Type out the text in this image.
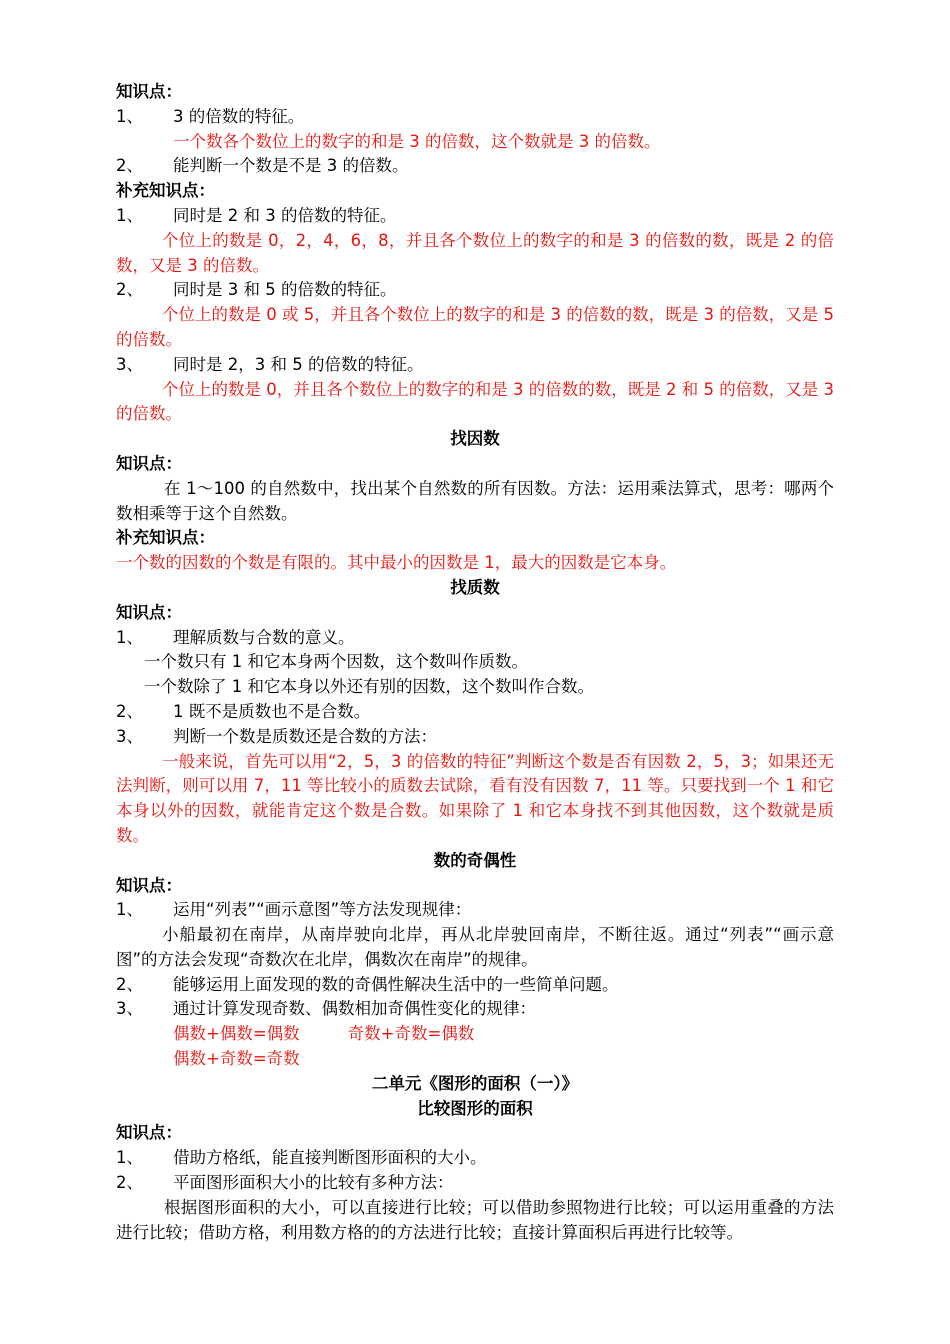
知识点：
1、 3 的倍数的特征。
一个数各个数位上的数字的和是 3 的倍数，这个数就是 3 的倍数。
2、 能判断一个数是不是 3 的倍数。
补充知识点：
1、 同时是 2 和 3 的倍数的特征。
个位上的数是 0，2，4，6，8，并且各个数位上的数字的和是 3 的倍数的数，既是 2 的倍数，又是 3 的倍数。
2、 同时是 3 和 5 的倍数的特征。
个位上的数是 0 或 5，并且各个数位上的数字的和是 3 的倍数的数，既是 3 的倍数，又是 5 的倍数。
3、 同时是 2，3 和 5 的倍数的特征。
个位上的数是 0，并且各个数位上的数字的和是 3 的倍数的数，既是 2 和 5 的倍数，又是 3 的倍数。
找因数
知识点：
在 1～100 的自然数中，找出某个自然数的所有因数。方法：运用乘法算式，思考：哪两个数相乘等于这个自然数。
补充知识点：
一个数的因数的个数是有限的。其中最小的因数是 1，最大的因数是它本身。
找质数
知识点：
1、 理解质数与合数的意义。
一个数只有 1 和它本身两个因数，这个数叫作质数。
一个数除了 1 和它本身以外还有别的因数，这个数叫作合数。
2、 1 既不是质数也不是合数。
3、 判断一个数是质数还是合数的方法：
一般来说，首先可以用“2，5，3 的倍数的特征”判断这个数是否有因数 2，5，3；如果还无法判断，则可以用 7，11 等比较小的质数去试除，看有没有因数 7，11 等。只要找到一个 1 和它本身以外的因数，就能肯定这个数是合数。如果除了 1 和它本身找不到其他因数，这个数就是质数。
数的奇偶性
知识点：
1、 运用“列表”“画示意图”等方法发现规律：
小船最初在南岸，从南岸驶向北岸，再从北岸驶回南岸，不断往返。通过“列表”“画示意图”的方法会发现“奇数次在北岸，偶数次在南岸”的规律。
2、 能够运用上面发现的数的奇偶性解决生活中的一些简单问题。
3、 通过计算发现奇数、偶数相加奇偶性变化的规律：
偶数+偶数=偶数	奇数+奇数=偶数
偶数+奇数=奇数
二单元《图形的面积（一）》
比较图形的面积
知识点：
1、 借助方格纸，能直接判断图形面积的大小。
2、 平面图形面积大小的比较有多种方法：
根据图形面积的大小，可以直接进行比较；可以借助参照物进行比较；可以运用重叠的方法进行比较；借助方格，利用数方格的的方法进行比较；直接计算面积后再进行比较等。
